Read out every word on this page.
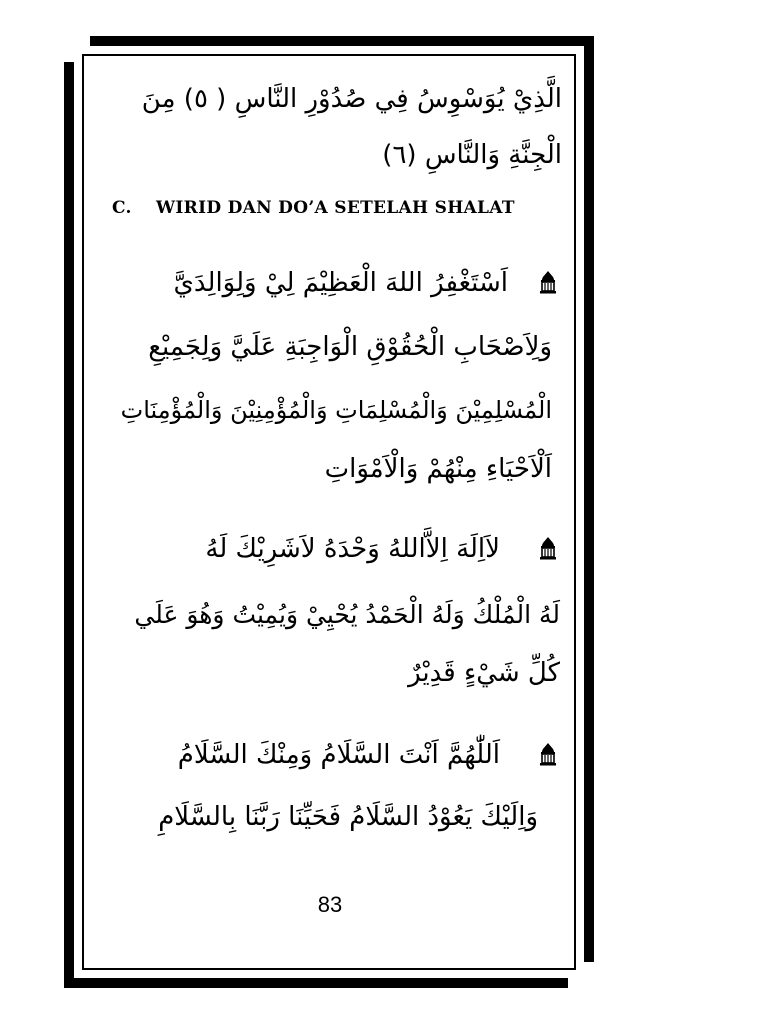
الَّذِيْ يُوَسْوِسُ فِي صُدُوْرِ النَّاسِ ( ٥) مِنَ
الْجِنَّةِ وَالنَّاسِ (٦)
C. WIRID DAN DO’A SETELAH SHALAT
اَسْتَغْفِرُ اللهَ الْعَظِيْمَ لِيْ وَلِوَالِدَيَّ
وَلِاَصْحَابِ الْحُقُوْقِ الْوَاجِبَةِ عَلَيَّ وَلِجَمِيْعِ
الْمُسْلِمِيْنَ وَالْمُسْلِمَاتِ وَالْمُؤْمِنِيْنَ وَالْمُؤْمِنَاتِ
اَلْاَحْيَاءِ مِنْهُمْ وَالْاَمْوَاتِ
لاَاِلَهَ اِلاَّاللهُ وَحْدَهُ لاَشَرِيْكَ لَهُ
لَهُ الْمُلْكُ وَلَهُ الْحَمْدُ يُحْيِيْ وَيُمِيْتُ وَهُوَ عَلَي
كُلِّ شَيْءٍ قَدِيْرٌ
اَللّٰهُمَّ اَنْتَ السَّلَامُ وَمِنْكَ السَّلَامُ
وَاِلَيْكَ يَعُوْدُ السَّلَامُ فَحَيِّنَا رَبَّنَا بِالسَّلَامِ
83
